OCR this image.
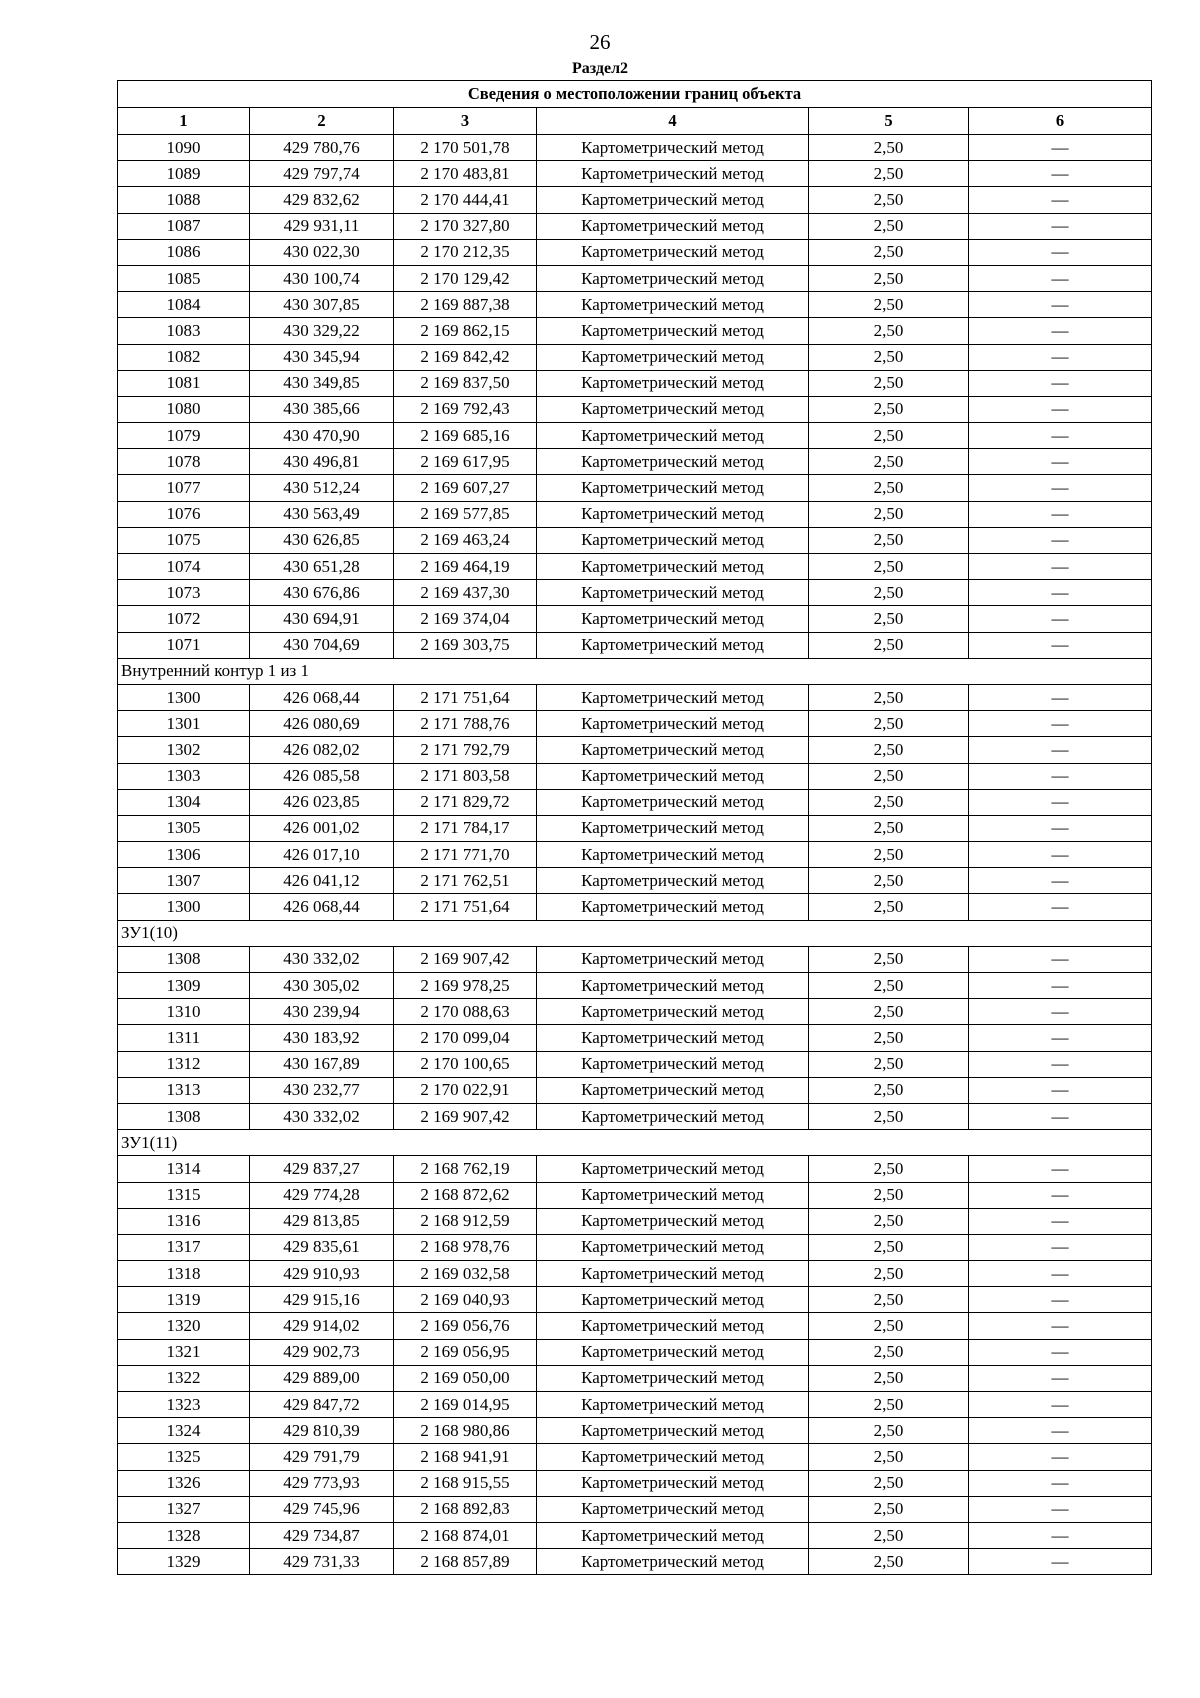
26
Раздел2
Сведения о местоположении границ объекта					
1	2	3	4	5	6
1090	429 780,76	2 170 501,78	Картометрический метод	2,50	—
1089	429 797,74	2 170 483,81	Картометрический метод	2,50	—
1088	429 832,62	2 170 444,41	Картометрический метод	2,50	—
1087	429 931,11	2 170 327,80	Картометрический метод	2,50	—
1086	430 022,30	2 170 212,35	Картометрический метод	2,50	—
1085	430 100,74	2 170 129,42	Картометрический метод	2,50	—
1084	430 307,85	2 169 887,38	Картометрический метод	2,50	—
1083	430 329,22	2 169 862,15	Картометрический метод	2,50	—
1082	430 345,94	2 169 842,42	Картометрический метод	2,50	—
1081	430 349,85	2 169 837,50	Картометрический метод	2,50	—
1080	430 385,66	2 169 792,43	Картометрический метод	2,50	—
1079	430 470,90	2 169 685,16	Картометрический метод	2,50	—
1078	430 496,81	2 169 617,95	Картометрический метод	2,50	—
1077	430 512,24	2 169 607,27	Картометрический метод	2,50	—
1076	430 563,49	2 169 577,85	Картометрический метод	2,50	—
1075	430 626,85	2 169 463,24	Картометрический метод	2,50	—
1074	430 651,28	2 169 464,19	Картометрический метод	2,50	—
1073	430 676,86	2 169 437,30	Картометрический метод	2,50	—
1072	430 694,91	2 169 374,04	Картометрический метод	2,50	—
1071	430 704,69	2 169 303,75	Картометрический метод	2,50	—
Внутренний контур 1 из 1					
1300	426 068,44	2 171 751,64	Картометрический метод	2,50	—
1301	426 080,69	2 171 788,76	Картометрический метод	2,50	—
1302	426 082,02	2 171 792,79	Картометрический метод	2,50	—
1303	426 085,58	2 171 803,58	Картометрический метод	2,50	—
1304	426 023,85	2 171 829,72	Картометрический метод	2,50	—
1305	426 001,02	2 171 784,17	Картометрический метод	2,50	—
1306	426 017,10	2 171 771,70	Картометрический метод	2,50	—
1307	426 041,12	2 171 762,51	Картометрический метод	2,50	—
1300	426 068,44	2 171 751,64	Картометрический метод	2,50	—
ЗУ1(10)					
1308	430 332,02	2 169 907,42	Картометрический метод	2,50	—
1309	430 305,02	2 169 978,25	Картометрический метод	2,50	—
1310	430 239,94	2 170 088,63	Картометрический метод	2,50	—
1311	430 183,92	2 170 099,04	Картометрический метод	2,50	—
1312	430 167,89	2 170 100,65	Картометрический метод	2,50	—
1313	430 232,77	2 170 022,91	Картометрический метод	2,50	—
1308	430 332,02	2 169 907,42	Картометрический метод	2,50	—
ЗУ1(11)					
1314	429 837,27	2 168 762,19	Картометрический метод	2,50	—
1315	429 774,28	2 168 872,62	Картометрический метод	2,50	—
1316	429 813,85	2 168 912,59	Картометрический метод	2,50	—
1317	429 835,61	2 168 978,76	Картометрический метод	2,50	—
1318	429 910,93	2 169 032,58	Картометрический метод	2,50	—
1319	429 915,16	2 169 040,93	Картометрический метод	2,50	—
1320	429 914,02	2 169 056,76	Картометрический метод	2,50	—
1321	429 902,73	2 169 056,95	Картометрический метод	2,50	—
1322	429 889,00	2 169 050,00	Картометрический метод	2,50	—
1323	429 847,72	2 169 014,95	Картометрический метод	2,50	—
1324	429 810,39	2 168 980,86	Картометрический метод	2,50	—
1325	429 791,79	2 168 941,91	Картометрический метод	2,50	—
1326	429 773,93	2 168 915,55	Картометрический метод	2,50	—
1327	429 745,96	2 168 892,83	Картометрический метод	2,50	—
1328	429 734,87	2 168 874,01	Картометрический метод	2,50	—
1329	429 731,33	2 168 857,89	Картометрический метод	2,50	—
